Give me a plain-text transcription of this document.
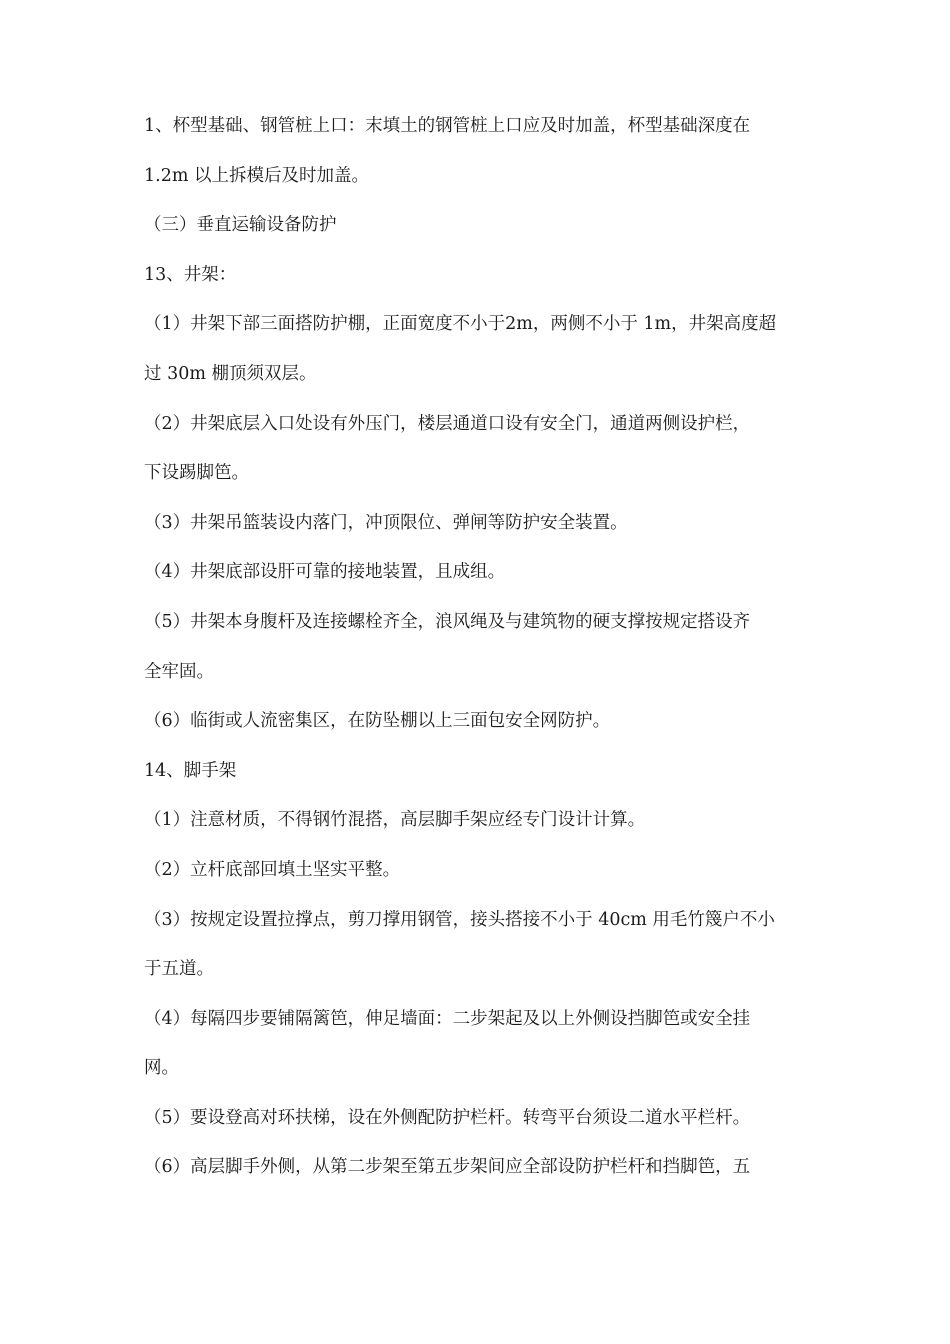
1、杯型基础、钢管桩上口：末填土的钢管桩上口应及时加盖，杯型基础深度在
1.2m 以上拆模后及时加盖。
（三）垂直运输设备防护
13、井架：
（1）井架下部三面搭防护棚，正面宽度不小于2m，两侧不小于 1m，井架高度超
过 30m 棚顶须双层。
（2）井架底层入口处设有外压门，楼层通道口设有安全门，通道两侧设护栏，
下设踢脚笆。
（3）井架吊篮装设内落门，冲顶限位、弹闸等防护安全装置。
（4）井架底部设肝可靠的接地装置，且成组。
（5）井架本身腹杆及连接螺栓齐全，浪风绳及与建筑物的硬支撑按规定搭设齐
全牢固。
（6）临街或人流密集区，在防坠棚以上三面包安全网防护。
14、脚手架
（1）注意材质，不得钢竹混搭，高层脚手架应经专门设计计算。
（2）立杆底部回填土坚实平整。
（3）按规定设置拉撑点，剪刀撑用钢管，接头搭接不小于 40cm 用毛竹篾户不小
于五道。
（4）每隔四步要铺隔篱笆，伸足墙面：二步架起及以上外侧设挡脚笆或安全挂
网。
（5）要设登高对环扶梯，设在外侧配防护栏杆。转弯平台须设二道水平栏杆。
（6）高层脚手外侧，从第二步架至第五步架间应全部设防护栏杆和挡脚笆，五
